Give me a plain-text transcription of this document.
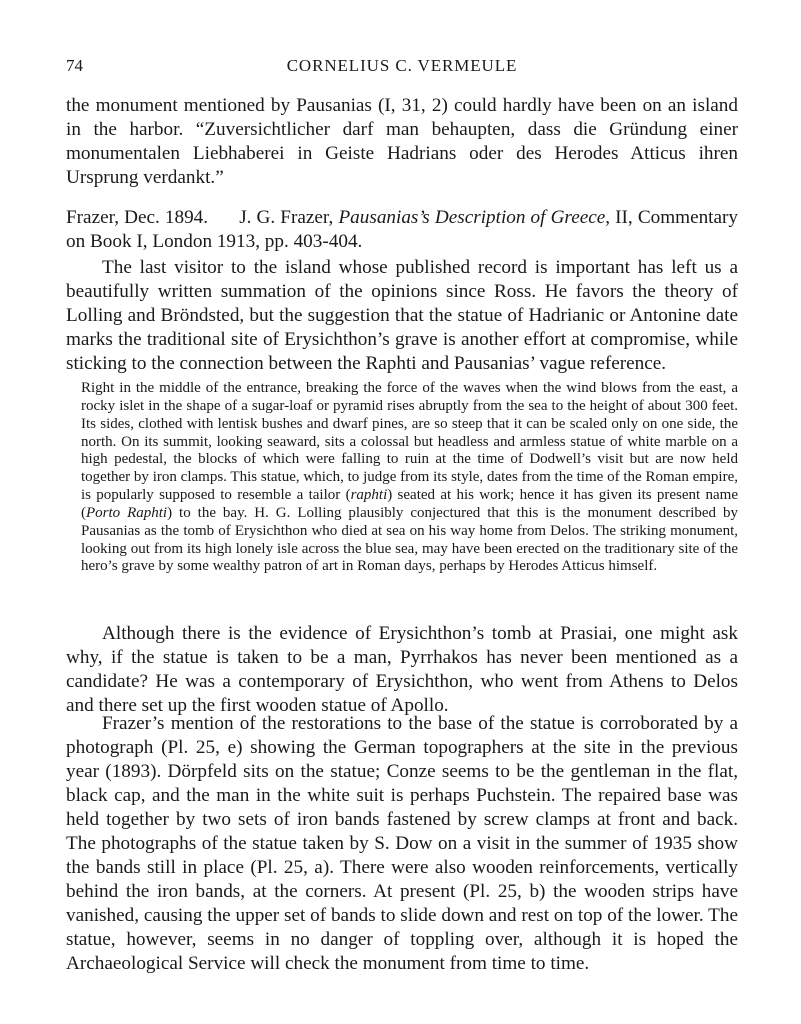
74	CORNELIUS C. VERMEULE

the monument mentioned by Pausanias (I, 31, 2) could hardly have been on an island in the harbor. “Zuversichtlicher darf man behaupten, dass die Gründung einer monumentalen Liebhaberei in Geiste Hadrians oder des Herodes Atticus ihren Ursprung verdankt.”

Frazer, Dec. 1894. J. G. Frazer, Pausanias’s Description of Greece, II, Commentary on Book I, London 1913, pp. 403-404.

The last visitor to the island whose published record is important has left us a beautifully written summation of the opinions since Ross. He favors the theory of Lolling and Bröndsted, but the suggestion that the statue of Hadrianic or Antonine date marks the traditional site of Erysichthon’s grave is another effort at compromise, while sticking to the connection between the Raphti and Pausanias’ vague reference.

Right in the middle of the entrance, breaking the force of the waves when the wind blows from the east, a rocky islet in the shape of a sugar-loaf or pyramid rises abruptly from the sea to the height of about 300 feet. Its sides, clothed with lentisk bushes and dwarf pines, are so steep that it can be scaled only on one side, the north. On its summit, looking seaward, sits a colossal but headless and armless statue of white marble on a high pedestal, the blocks of which were falling to ruin at the time of Dodwell’s visit but are now held together by iron clamps. This statue, which, to judge from its style, dates from the time of the Roman empire, is popularly supposed to resemble a tailor (raphti) seated at his work; hence it has given its present name (Porto Raphti) to the bay. H. G. Lolling plausibly conjectured that this is the monument described by Pausanias as the tomb of Erysichthon who died at sea on his way home from Delos. The striking monument, looking out from its high lonely isle across the blue sea, may have been erected on the traditionary site of the hero’s grave by some wealthy patron of art in Roman days, perhaps by Herodes Atticus himself.

Although there is the evidence of Erysichthon’s tomb at Prasiai, one might ask why, if the statue is taken to be a man, Pyrrhakos has never been mentioned as a candidate? He was a contemporary of Erysichthon, who went from Athens to Delos and there set up the first wooden statue of Apollo.

Frazer’s mention of the restorations to the base of the statue is corroborated by a photograph (Pl. 25, e) showing the German topographers at the site in the previous year (1893). Dörpfeld sits on the statue; Conze seems to be the gentleman in the flat, black cap, and the man in the white suit is perhaps Puchstein. The repaired base was held together by two sets of iron bands fastened by screw clamps at front and back. The photographs of the statue taken by S. Dow on a visit in the summer of 1935 show the bands still in place (Pl. 25, a). There were also wooden reinforcements, vertically behind the iron bands, at the corners. At present (Pl. 25, b) the wooden strips have vanished, causing the upper set of bands to slide down and rest on top of the lower. The statue, however, seems in no danger of toppling over, although it is hoped the Archaeological Service will check the monument from time to time.
